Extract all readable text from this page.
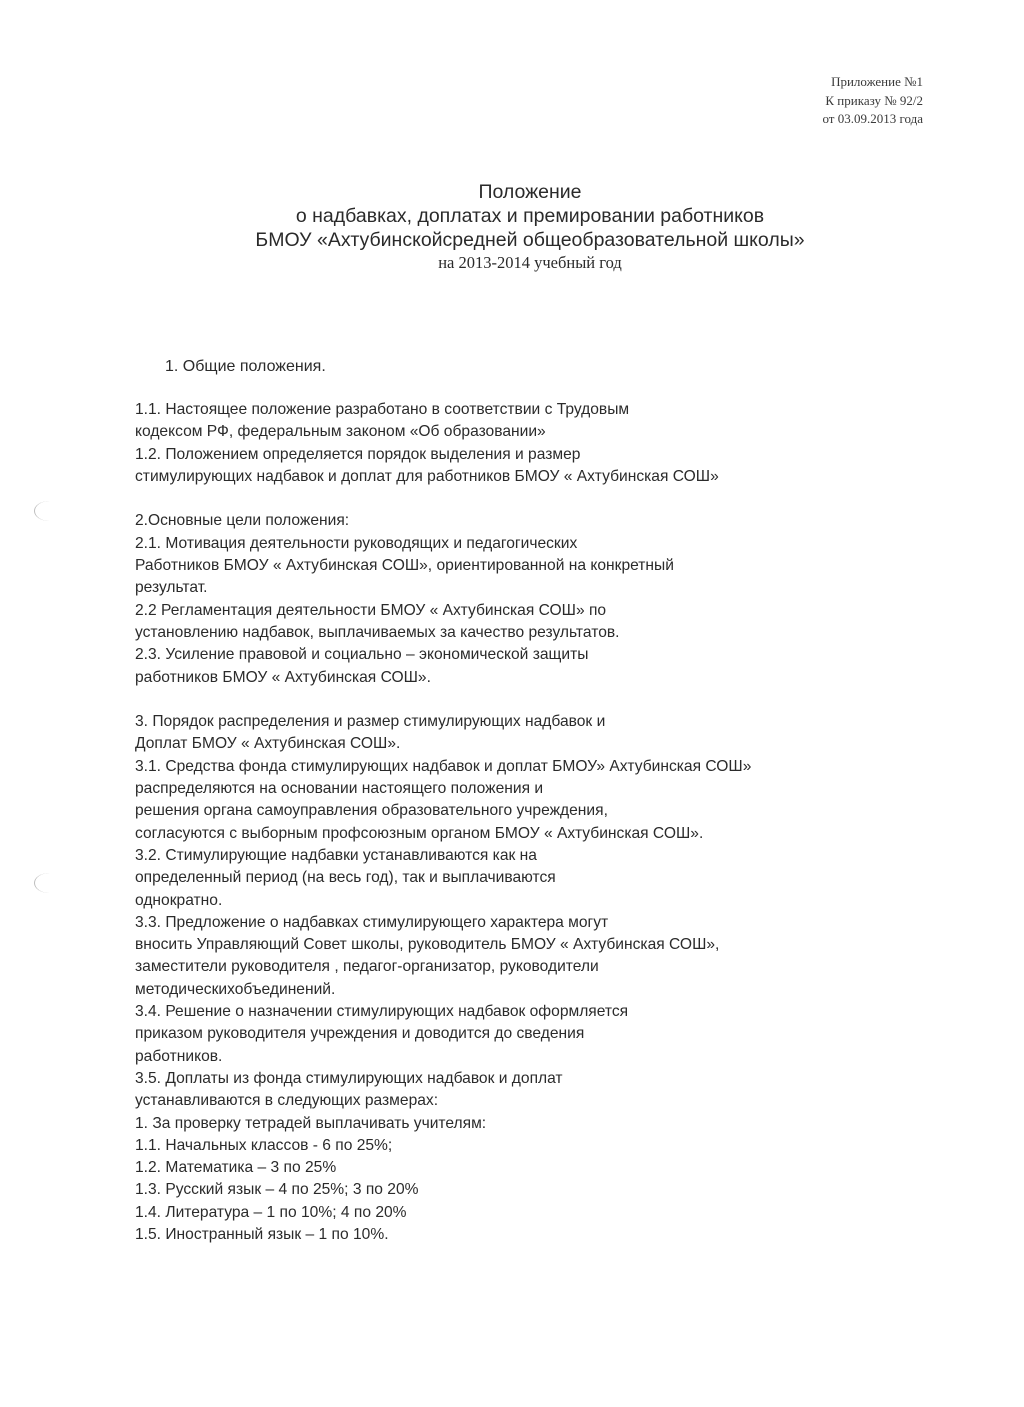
Приложение №1
К приказу № 92/2
от 03.09.2013 года
Положение
о надбавках, доплатах и премировании работников
БМОУ «Ахтубинскойсредней общеобразовательной школы»
на 2013-2014 учебный год
1. Общие положения.
1.1. Настоящее положение разработано в соответствии с Трудовым
кодексом РФ, федеральным законом «Об образовании»
1.2. Положением определяется порядок выделения и размер
стимулирующих надбавок и доплат для работников БМОУ « Ахтубинская СОШ»
2.Основные цели положения:
2.1. Мотивация деятельности руководящих и педагогических
Работников БМОУ « Ахтубинская СОШ», ориентированной на конкретный
результат.
2.2 Регламентация деятельности БМОУ « Ахтубинская СОШ» по
установлению надбавок, выплачиваемых за качество результатов.
2.3. Усиление правовой и социально – экономической защиты
работников БМОУ « Ахтубинская СОШ».
3. Порядок распределения и размер стимулирующих надбавок и
Доплат БМОУ « Ахтубинская СОШ».
3.1. Средства фонда стимулирующих надбавок и доплат БМОУ» Ахтубинская СОШ»
распределяются на основании настоящего положения и
решения органа самоуправления образовательного учреждения,
согласуются с выборным профсоюзным органом БМОУ « Ахтубинская СОШ».
3.2. Стимулирующие надбавки устанавливаются как на
определенный период (на весь год), так и выплачиваются
однократно.
3.3. Предложение о надбавках стимулирующего характера могут
вносить Управляющий Совет школы, руководитель БМОУ « Ахтубинская СОШ»,
заместители руководителя , педагог-организатор, руководители
методическихобъединений.
3.4. Решение о назначении стимулирующих надбавок оформляется
приказом руководителя учреждения и доводится до сведения
работников.
3.5. Доплаты из фонда стимулирующих надбавок и доплат
устанавливаются в следующих размерах:
1. За проверку тетрадей выплачивать учителям:
1.1. Начальных классов - 6 по 25%;
1.2. Математика – 3 по 25%
1.3. Русский язык – 4 по 25%; 3 по 20%
1.4. Литература – 1 по 10%; 4 по 20%
1.5. Иностранный язык – 1 по 10%.
